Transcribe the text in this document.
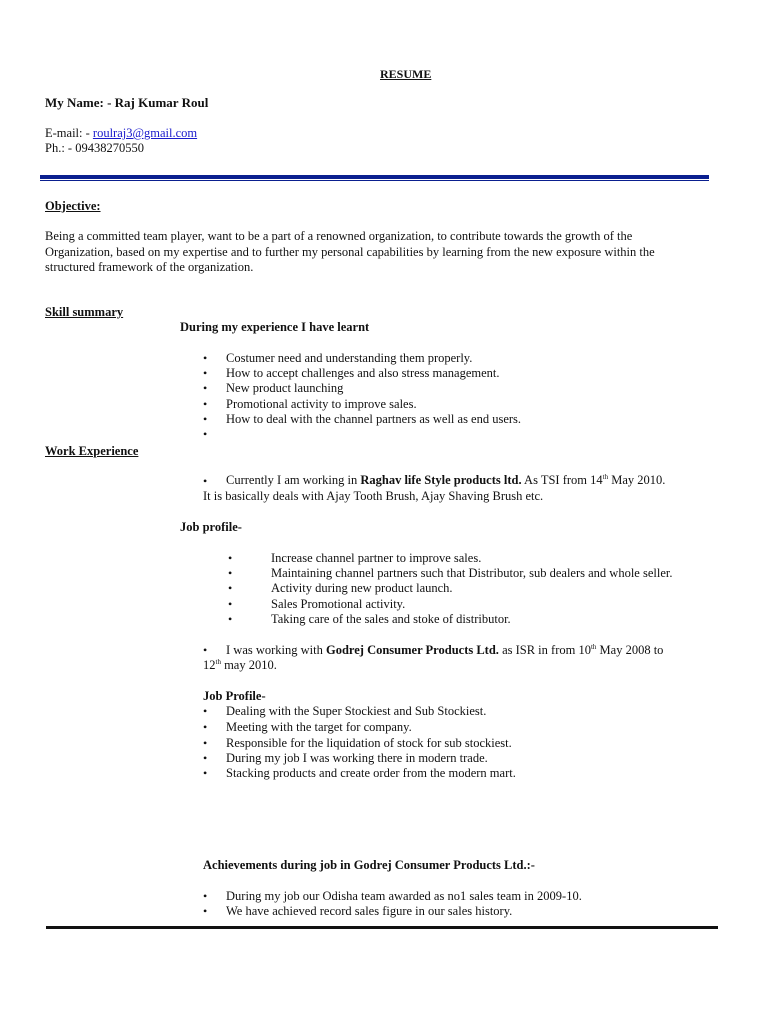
RESUME
My Name: - Raj Kumar Roul
E-mail: - roulraj3@gmail.com
Ph.: - 09438270550
Objective:
Being a committed team player, want to be a part of a renowned organization, to contribute towards the growth of the
Organization, based on my expertise and to further my personal capabilities by learning from the new exposure within the
structured framework of the organization.
Skill summary
During my experience I have learnt
• Costumer need and understanding them properly.
• How to accept challenges and also stress management.
• New product launching
• Promotional activity to improve sales.
• How to deal with the channel partners as well as end users.
•
Work Experience
• Currently I am working in Raghav life Style products ltd. As TSI from 14th May 2010.
It is basically deals with Ajay Tooth Brush, Ajay Shaving Brush etc.
Job profile-
•	Increase channel partner to improve sales.
•	Maintaining channel partners such that Distributor, sub dealers and whole seller.
•	Activity during new product launch.
•	Sales Promotional activity.
•	Taking care of the sales and stoke of distributor.
• I was working with Godrej Consumer Products Ltd. as ISR in from 10th May 2008 to
12th may 2010.
Job Profile-
• Dealing with the Super Stockiest and Sub Stockiest.
• Meeting with the target for company.
• Responsible for the liquidation of stock for sub stockiest.
• During my job I was working there in modern trade.
• Stacking products and create order from the modern mart.
Achievements during job in Godrej Consumer Products Ltd.:-
• During my job our Odisha team awarded as no1 sales team in 2009-10.
• We have achieved record sales figure in our sales history.
